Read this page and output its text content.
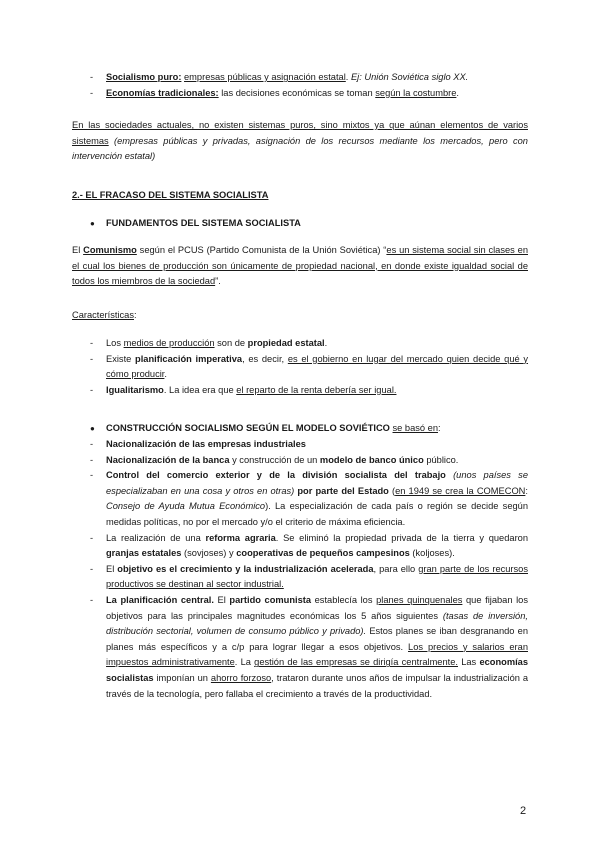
-	Socialismo puro: empresas públicas y asignación estatal. Ej: Unión Soviética siglo XX.
-	Economías tradicionales: las decisiones económicas se toman según la costumbre.

En las sociedades actuales, no existen sistemas puros, sino mixtos ya que aúnan elementos de varios sistemas (empresas públicas y privadas, asignación de los recursos mediante los mercados, pero con intervención estatal)

2.- EL FRACASO DEL SISTEMA SOCIALISTA
●	FUNDAMENTOS DEL SISTEMA SOCIALISTA

El Comunismo según el PCUS (Partido Comunista de la Unión Soviética) “es un sistema social sin clases en el cual los bienes de producción son únicamente de propiedad nacional, en donde existe igualdad social de todos los miembros de la sociedad”.

Características:
-	Los medios de producción son de propiedad estatal.
-	Existe planificación imperativa, es decir, es el gobierno en lugar del mercado quien decide qué y cómo producir.
-	Igualitarismo. La idea era que el reparto de la renta debería ser igual.
●	CONSTRUCCIÓN SOCIALISMO SEGÚN EL MODELO SOVIÉTICO se basó en:
-	Nacionalización de las empresas industriales
-	Nacionalización de la banca y construcción de un modelo de banco único público.
-	Control del comercio exterior y de la división socialista del trabajo (unos países se especializaban en una cosa y otros en otras) por parte del Estado (en 1949 se crea la COMECON: Consejo de Ayuda Mutua Económico). La especialización de cada país o región se decide según medidas políticas, no por el mercado y/o el criterio de máxima eficiencia.
-	La realización de una reforma agraria. Se eliminó la propiedad privada de la tierra y quedaron granjas estatales (sovjoses) y cooperativas de pequeños campesinos (koljoses).
-	El objetivo es el crecimiento y la industrialización acelerada, para ello gran parte de los recursos productivos se destinan al sector industrial.
-	La planificación central. El partido comunista establecía los planes quinquenales que fijaban los objetivos para las principales magnitudes económicas los 5 años siguientes (tasas de inversión, distribución sectorial, volumen de consumo público y privado). Estos planes se iban desgranando en planes más específicos y a c/p para lograr llegar a esos objetivos. Los precios y salarios eran impuestos administrativamente. La gestión de las empresas se dirigía centralmente. Las economías socialistas imponían un ahorro forzoso, trataron durante unos años de impulsar la industrialización a través de la tecnología, pero fallaba el crecimiento a través de la productividad.
2
